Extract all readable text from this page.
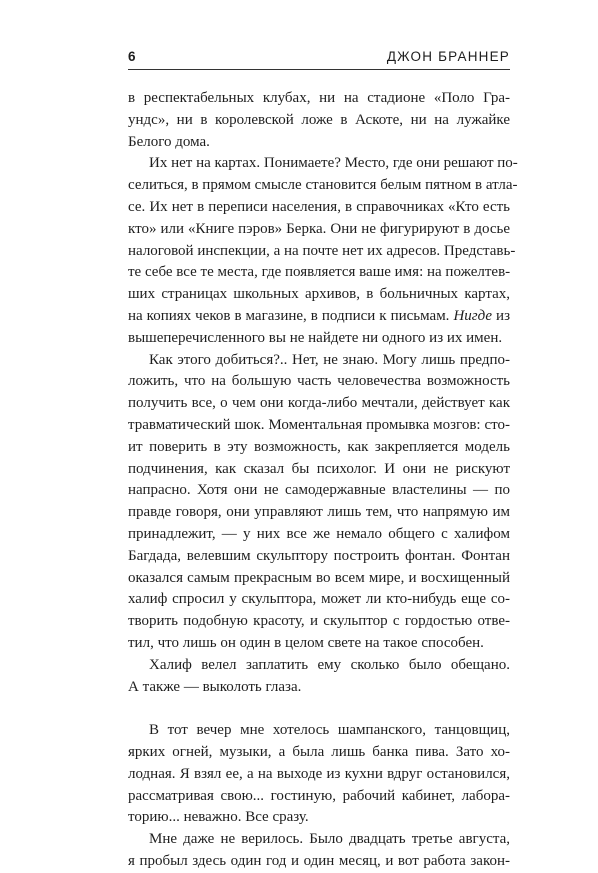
6	ДЖОН БРАННЕР
в респектабельных клубах, ни на стадионе «Поло Гра-
ундс», ни в королевской ложе в Аскоте, ни на лужайке
Белого дома.
Их нет на картах. Понимаете? Место, где они решают по-
селиться, в прямом смысле становится белым пятном в атла-
се. Их нет в переписи населения, в справочниках «Кто есть
кто» или «Книге пэров» Берка. Они не фигурируют в досье
налоговой инспекции, а на почте нет их адресов. Представь-
те себе все те места, где появляется ваше имя: на пожелтев-
ших страницах школьных архивов, в больничных картах,
на копиях чеков в магазине, в подписи к письмам. Нигде из
вышеперечисленного вы не найдете ни одного из их имен.
Как этого добиться?.. Нет, не знаю. Могу лишь предпо-
ложить, что на большую часть человечества возможность
получить все, о чем они когда-либо мечтали, действует как
травматический шок. Моментальная промывка мозгов: сто-
ит поверить в эту возможность, как закрепляется модель
подчинения, как сказал бы психолог. И они не рискуют
напрасно. Хотя они не самодержавные властелины — по
правде говоря, они управляют лишь тем, что напрямую им
принадлежит, — у них все же немало общего с халифом
Багдада, велевшим скульптору построить фонтан. Фонтан
оказался самым прекрасным во всем мире, и восхищенный
халиф спросил у скульптора, может ли кто-нибудь еще со-
творить подобную красоту, и скульптор с гордостью отве-
тил, что лишь он один в целом свете на такое способен.
Халиф велел заплатить ему сколько было обещано.
А также — выколоть глаза.
В тот вечер мне хотелось шампанского, танцовщиц,
ярких огней, музыки, а была лишь банка пива. Зато хо-
лодная. Я взял ее, а на выходе из кухни вдруг остановился,
рассматривая свою... гостиную, рабочий кабинет, лабора-
торию... неважно. Все сразу.
Мне даже не верилось. Было двадцать третье августа,
я пробыл здесь один год и один месяц, и вот работа закон-
